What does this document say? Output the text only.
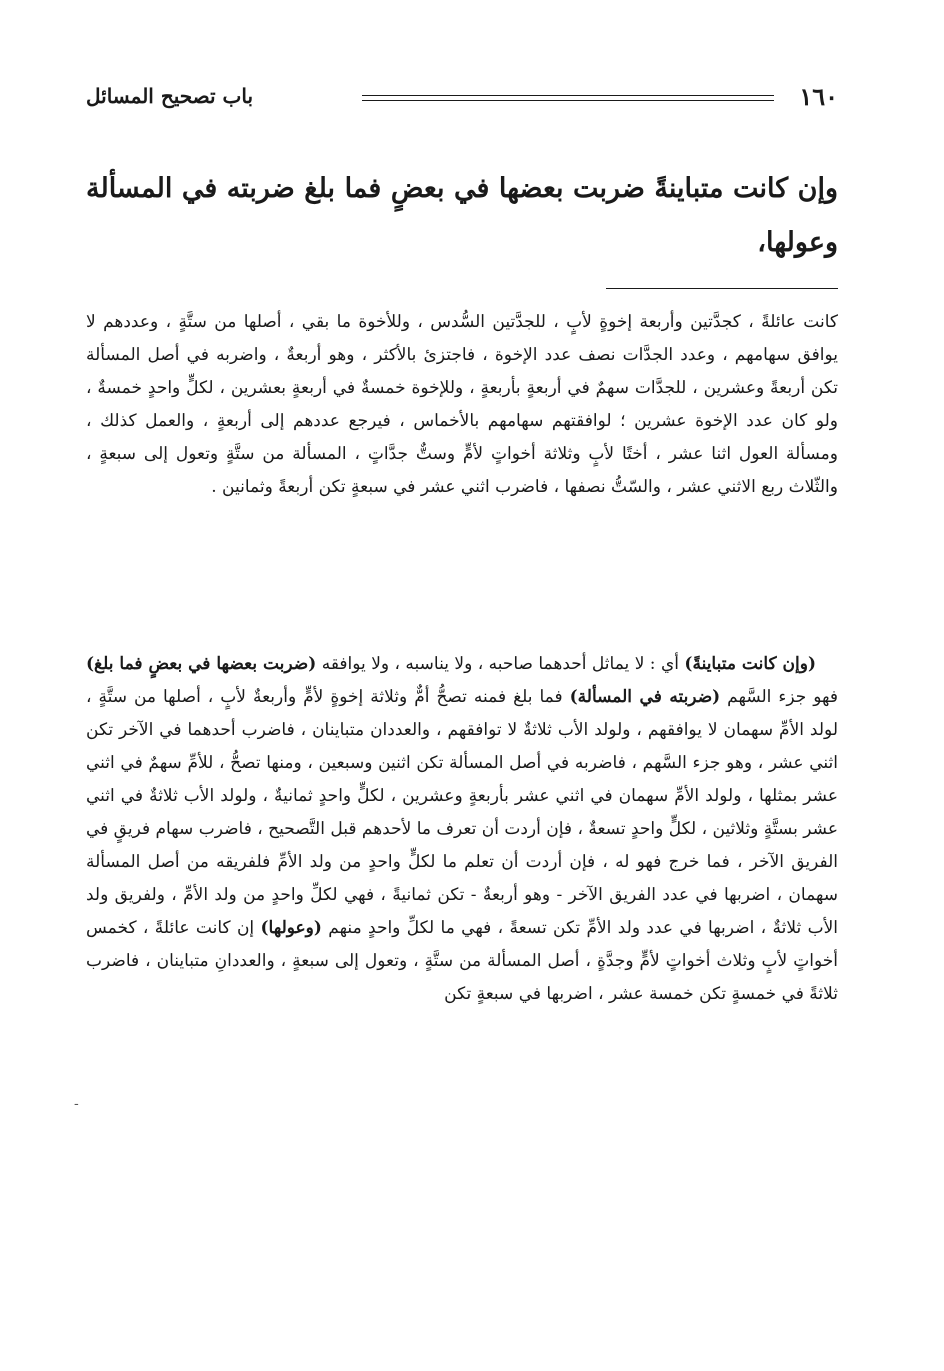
١٦٠
باب تصحيح المسائل
وإن كانت متباينةً ضربت بعضها في بعضٍ فما بلغ ضربته في المسألة وعولها،
كانت عائلةً ، كجدَّتين وأربعة إخوةٍ لأبٍ ، للجدَّتين السُّدس ، وللأخوة ما بقي ، أصلها من ستَّةٍ ، وعددهم لا يوافق سهامهم ، وعدد الجدَّات نصف عدد الإخوة ، فاجتزئ بالأكثر ، وهو أربعةٌ ، واضربه في أصل المسألة تكن أربعةً وعشرين ، للجدَّات سهمٌ في أربعةٍ بأربعةٍ ، وللإخوة خمسةٌ في أربعةٍ بعشرين ، لكلٍّ واحدٍ خمسةٌ ، ولو كان عدد الإخوة عشرين ؛ لوافقتهم سهامهم بالأخماس ، فيرجع عددهم إلى أربعةٍ ، والعمل كذلك ، ومسألة العول اثنا عشر ، أختًا لأبٍ وثلاثة أخواتٍ لأمٍّ وستٌّ جدَّاتٍ ، المسألة من ستَّةٍ وتعول إلى سبعةٍ ، والثّلاث ربع الاثني عشر ، والسّتُّ نصفها ، فاضرب اثني عشر في سبعةٍ تكن أربعةً وثمانين .
(وإن كانت متباينةً) أي : لا يماثل أحدهما صاحبه ، ولا يناسبه ، ولا يوافقه (ضربت بعضها في بعضٍ فما بلغ) فهو جزء السَّهم (ضربته في المسألة) فما بلغ فمنه تصحُّ أمٌّ وثلاثة إخوةٍ لأمٍّ وأربعةٌ لأبٍ ، أصلها من ستَّةٍ ، لولد الأمِّ سهمان لا يوافقهم ، ولولد الأب ثلاثةٌ لا توافقهم ، والعددان متباينان ، فاضرب أحدهما في الآخر تكن اثني عشر ، وهو جزء السَّهم ، فاضربه في أصل المسألة تكن اثنين وسبعين ، ومنها تصحُّ ، للأمِّ سهمٌ في اثني عشر بمثلها ، ولولد الأمِّ سهمان في اثني عشر بأربعةٍ وعشرين ، لكلٍّ واحدٍ ثمانيةٌ ، ولولد الأب ثلاثةٌ في اثني عشر بستَّةٍ وثلاثين ، لكلٍّ واحدٍ تسعةٌ ، فإن أردت أن تعرف ما لأحدهم قبل التَّصحيح ، فاضرب سهام فريقٍ في الفريق الآخر ، فما خرج فهو له ، فإن أردت أن تعلم ما لكلٍّ واحدٍ من ولد الأمِّ فلفريقه من أصل المسألة سهمان ، اضربها في عدد الفريق الآخر - وهو أربعةٌ - تكن ثمانيةً ، فهي لكلِّ واحدٍ من ولد الأمِّ ، ولفريق ولد الأب ثلاثةٌ ، اضربها في عدد ولد الأمِّ تكن تسعةً ، فهي ما لكلِّ واحدٍ منهم (وعولها) إن كانت عائلةً ، كخمس أخواتٍ لأبٍ وثلاث أخواتٍ لأمٍّ وجدَّةٍ ، أصل المسألة من ستَّةٍ ، وتعول إلى سبعةٍ ، والعددانِ متباينان ، فاضرب ثلاثةً في خمسةٍ تكن خمسة عشر ، اضربها في سبعةٍ تكن
-
